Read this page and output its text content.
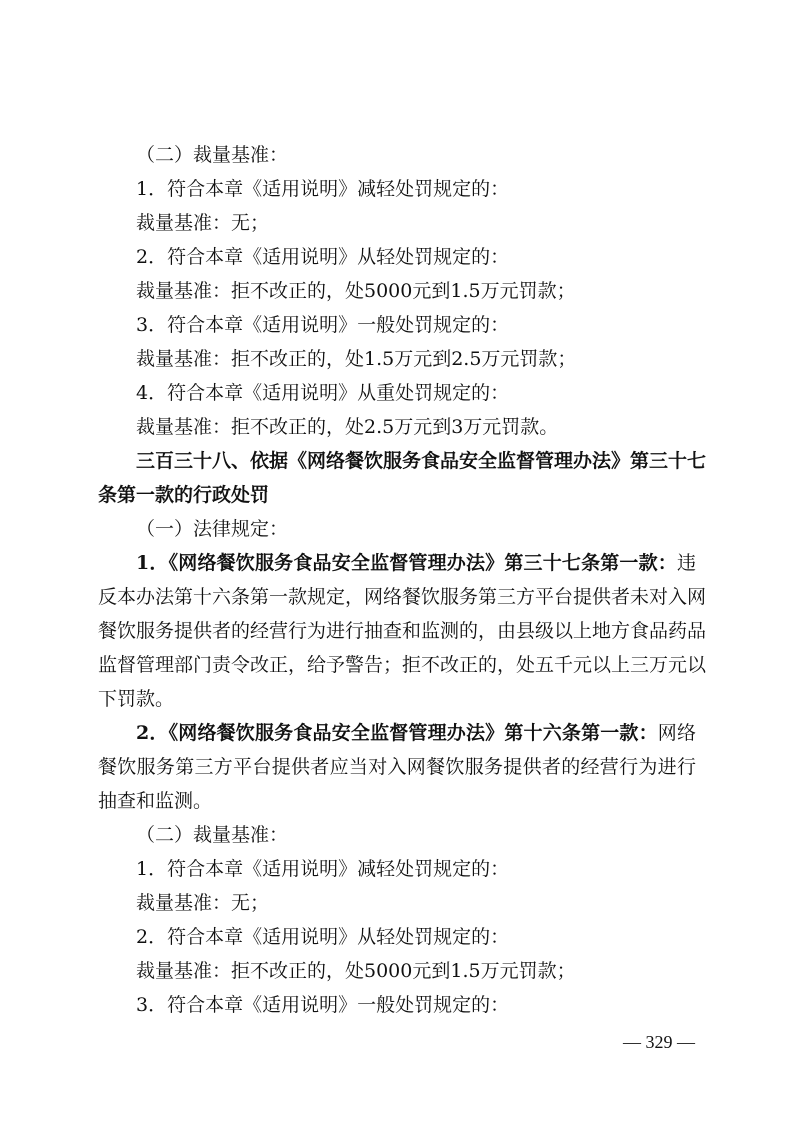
（二）裁量基准：
1．符合本章《适用说明》减轻处罚规定的：
裁量基准：无；
2．符合本章《适用说明》从轻处罚规定的：
裁量基准：拒不改正的，处5000元到1.5万元罚款；
3．符合本章《适用说明》一般处罚规定的：
裁量基准：拒不改正的，处1.5万元到2.5万元罚款；
4．符合本章《适用说明》从重处罚规定的：
裁量基准：拒不改正的，处2.5万元到3万元罚款。
三百三十八、依据《网络餐饮服务食品安全监督管理办法》第三十七
条第一款的行政处罚
（一）法律规定：
1．《网络餐饮服务食品安全监督管理办法》第三十七条第一款：违
反本办法第十六条第一款规定，网络餐饮服务第三方平台提供者未对入网
餐饮服务提供者的经营行为进行抽查和监测的，由县级以上地方食品药品
监督管理部门责令改正，给予警告；拒不改正的，处五千元以上三万元以
下罚款。
2．《网络餐饮服务食品安全监督管理办法》第十六条第一款：网络
餐饮服务第三方平台提供者应当对入网餐饮服务提供者的经营行为进行
抽查和监测。
（二）裁量基准：
1．符合本章《适用说明》减轻处罚规定的：
裁量基准：无；
2．符合本章《适用说明》从轻处罚规定的：
裁量基准：拒不改正的，处5000元到1.5万元罚款；
3．符合本章《适用说明》一般处罚规定的：
— 329 —
